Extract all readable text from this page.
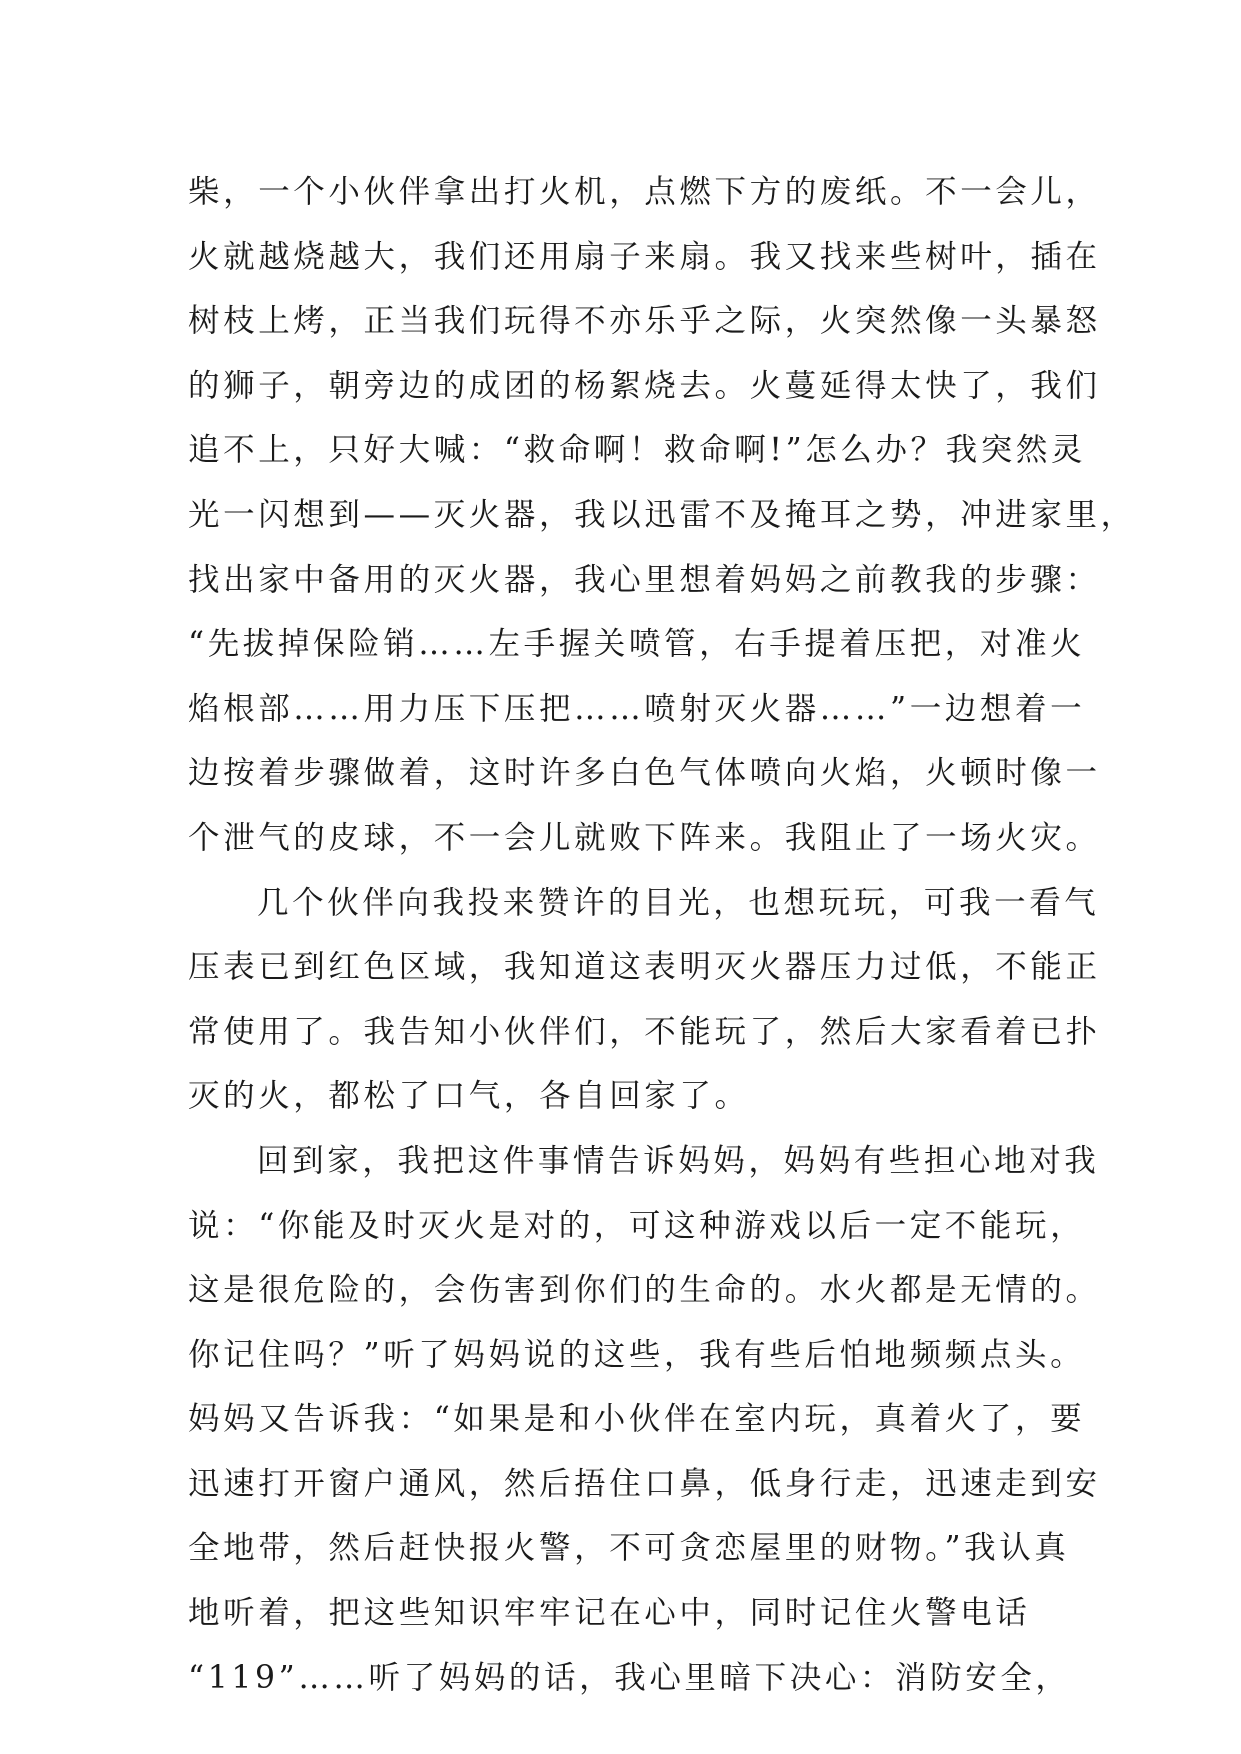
柴，一个小伙伴拿出打火机，点燃下方的废纸。不一会儿，
火就越烧越大，我们还用扇子来扇。我又找来些树叶，插在
树枝上烤，正当我们玩得不亦乐乎之际，火突然像一头暴怒
的狮子，朝旁边的成团的杨絮烧去。火蔓延得太快了，我们
追不上，只好大喊：“救命啊！救命啊!”怎么办？我突然灵
光一闪想到——灭火器，我以迅雷不及掩耳之势，冲进家里，
找出家中备用的灭火器，我心里想着妈妈之前教我的步骤：
“先拔掉保险销……左手握关喷管，右手提着压把，对准火
焰根部……用力压下压把……喷射灭火器……”一边想着一
边按着步骤做着，这时许多白色气体喷向火焰，火顿时像一
个泄气的皮球，不一会儿就败下阵来。我阻止了一场火灾。
几个伙伴向我投来赞许的目光，也想玩玩，可我一看气
压表已到红色区域，我知道这表明灭火器压力过低，不能正
常使用了。我告知小伙伴们，不能玩了，然后大家看着已扑
灭的火，都松了口气，各自回家了。
回到家，我把这件事情告诉妈妈，妈妈有些担心地对我
说：“你能及时灭火是对的，可这种游戏以后一定不能玩，
这是很危险的，会伤害到你们的生命的。水火都是无情的。
你记住吗？”听了妈妈说的这些，我有些后怕地频频点头。
妈妈又告诉我：“如果是和小伙伴在室内玩，真着火了，要
迅速打开窗户通风，然后捂住口鼻，低身行走，迅速走到安
全地带，然后赶快报火警，不可贪恋屋里的财物。”我认真
地听着，把这些知识牢牢记在心中，同时记住火警电话
“119”……听了妈妈的话，我心里暗下决心：消防安全，
